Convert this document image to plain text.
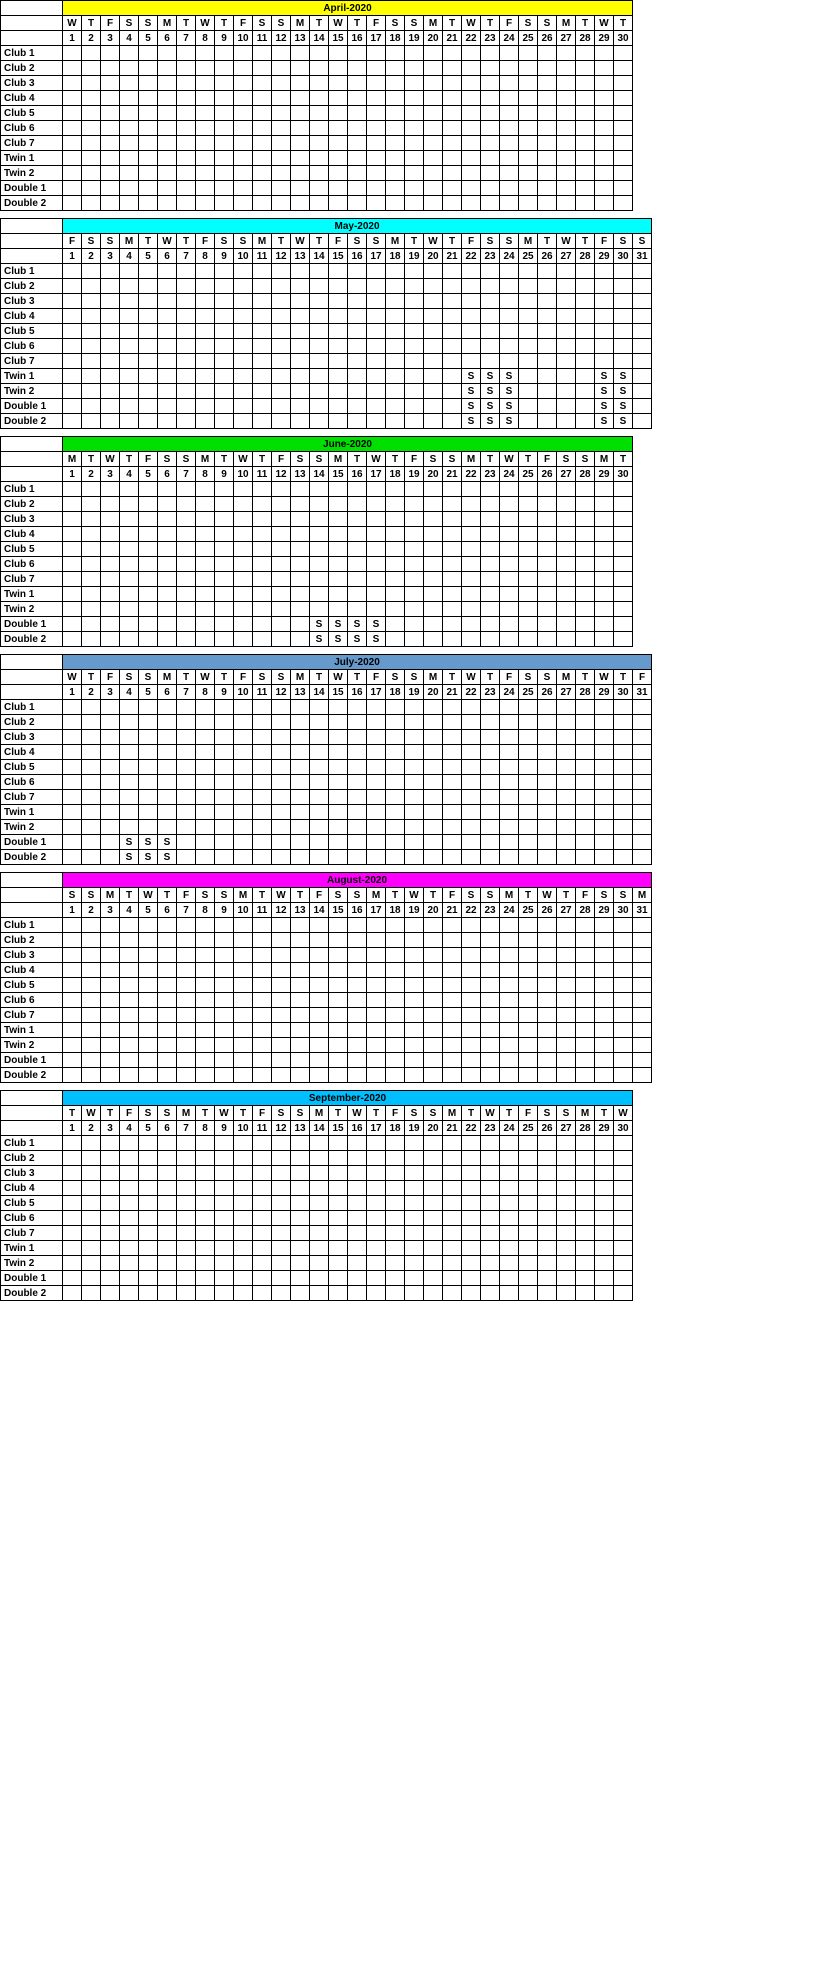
	April-2020																													
	W	T	F	S	S	M	T	W	T	F	S	S	M	T	W	T	F	S	S	M	T	W	T	F	S	S	M	T	W	T
	1	2	3	4	5	6	7	8	9	10	11	12	13	14	15	16	17	18	19	20	21	22	23	24	25	26	27	28	29	30
Club 1																														
Club 2																														
Club 3																														
Club 4																														
Club 5																														
Club 6																														
Club 7																														
Twin 1																														
Twin 2																														
Double 1																														
Double 2																														
	May-2020																														
	F	S	S	M	T	W	T	F	S	S	M	T	W	T	F	S	S	M	T	W	T	F	S	S	M	T	W	T	F	S	S
	1	2	3	4	5	6	7	8	9	10	11	12	13	14	15	16	17	18	19	20	21	22	23	24	25	26	27	28	29	30	31
Club 1																															
Club 2																															
Club 3																															
Club 4																															
Club 5																															
Club 6																															
Club 7																															
Twin 1																						S	S	S					S	S	
Twin 2																						S	S	S					S	S	
Double 1																						S	S	S					S	S	
Double 2																						S	S	S					S	S	
	June-2020																													
	M	T	W	T	F	S	S	M	T	W	T	F	S	S	M	T	W	T	F	S	S	M	T	W	T	F	S	S	M	T
	1	2	3	4	5	6	7	8	9	10	11	12	13	14	15	16	17	18	19	20	21	22	23	24	25	26	27	28	29	30
Club 1																														
Club 2																														
Club 3																														
Club 4																														
Club 5																														
Club 6																														
Club 7																														
Twin 1																														
Twin 2																														
Double 1														S	S	S	S													
Double 2														S	S	S	S													
	July-2020																														
	W	T	F	S	S	M	T	W	T	F	S	S	M	T	W	T	F	S	S	M	T	W	T	F	S	S	M	T	W	T	F
	1	2	3	4	5	6	7	8	9	10	11	12	13	14	15	16	17	18	19	20	21	22	23	24	25	26	27	28	29	30	31
Club 1																															
Club 2																															
Club 3																															
Club 4																															
Club 5																															
Club 6																															
Club 7																															
Twin 1																															
Twin 2																															
Double 1				S	S	S																									
Double 2				S	S	S																									
	August-2020																														
	S	S	M	T	W	T	F	S	S	M	T	W	T	F	S	S	M	T	W	T	F	S	S	M	T	W	T	F	S	S	M
	1	2	3	4	5	6	7	8	9	10	11	12	13	14	15	16	17	18	19	20	21	22	23	24	25	26	27	28	29	30	31
Club 1																															
Club 2																															
Club 3																															
Club 4																															
Club 5																															
Club 6																															
Club 7																															
Twin 1																															
Twin 2																															
Double 1																															
Double 2																															
	September-2020																													
	T	W	T	F	S	S	M	T	W	T	F	S	S	M	T	W	T	F	S	S	M	T	W	T	F	S	S	M	T	W
	1	2	3	4	5	6	7	8	9	10	11	12	13	14	15	16	17	18	19	20	21	22	23	24	25	26	27	28	29	30
Club 1																														
Club 2																														
Club 3																														
Club 4																														
Club 5																														
Club 6																														
Club 7																														
Twin 1																														
Twin 2																														
Double 1																														
Double 2																														
